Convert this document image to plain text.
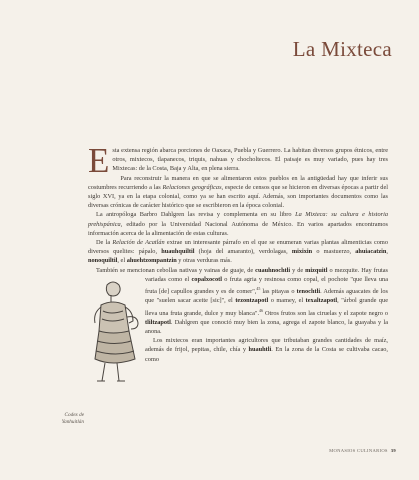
La Mixteca

Esta extensa región abarca porciones de Oaxaca, Puebla y Guerrero. La habitan diversos grupos étnicos, entre otros, mixtecos, tlapanecos, triquis, nahuas y chocholtecos. El paisaje es muy variado, pues hay tres Mixtecas: de la Costa, Baja y Alta, en plena sierra.

Para reconstruir la manera en que se alimentaron estos pueblos en la antigüedad hay que inferir sus costumbres recurriendo a las Relaciones geográficas, especie de censos que se hicieron en diversas épocas a partir del siglo XVI, ya en la etapa colonial, como ya se han escrito aquí. Además, son importantes documentos como las diversas crónicas de carácter histórico que se escribieron en la época colonial.

La antropóloga Barbro Dahlgren las revisa y complementa en su libro La Mixteca: su cultura e historia prehispánica, editado por la Universidad Nacional Autónoma de México. En varios apartados encontramos información acerca de la alimentación de estas culturas.

De la Relación de Acatlán extrae un interesante párrafo en el que se enumeran varias plantas alimenticias como diversos quelites: pápalo, huauhquiltil (hoja del amaranto), verdolagas, mixixin o mastuerzo, ahuiacatzin, nonoquiltil, el ahuehtzompantzin y otras verduras más.

También se mencionan cebollas nativas y vainas de guaje, de cuauhnochtli y de mizquitl o mezquite. Hay frutas variadas como el copalxocotl
o fruta agria y resinosa como copal, el pochote "que lleva una fruta [de] capullos grandes y es de comer",$^{45}$ las pitayas o tenochtli. Además aguacates de los que "suelen sacar aceite [sic]", el tezontzapotl o mamey, el texaltzapotl, "árbol grande que lleva una fruta grande, dulce y muy blanca".$^{46}$ Otros frutos son las ciruelas y el zapote negro o tliltzapotl. Dahlgren que conoció muy bien la zona, agrega el zapote blanco, la guayaba y la anona.

Los mixtecos eran importantes agricultores que tributaban grandes cantidades de maíz, además de frijol, pepitas, chile, chía y huauhtli. En la zona de la Costa se cultivaba cacao, como

Codex de Yanhuitlán
MONASIOS CULINARIOS 39
